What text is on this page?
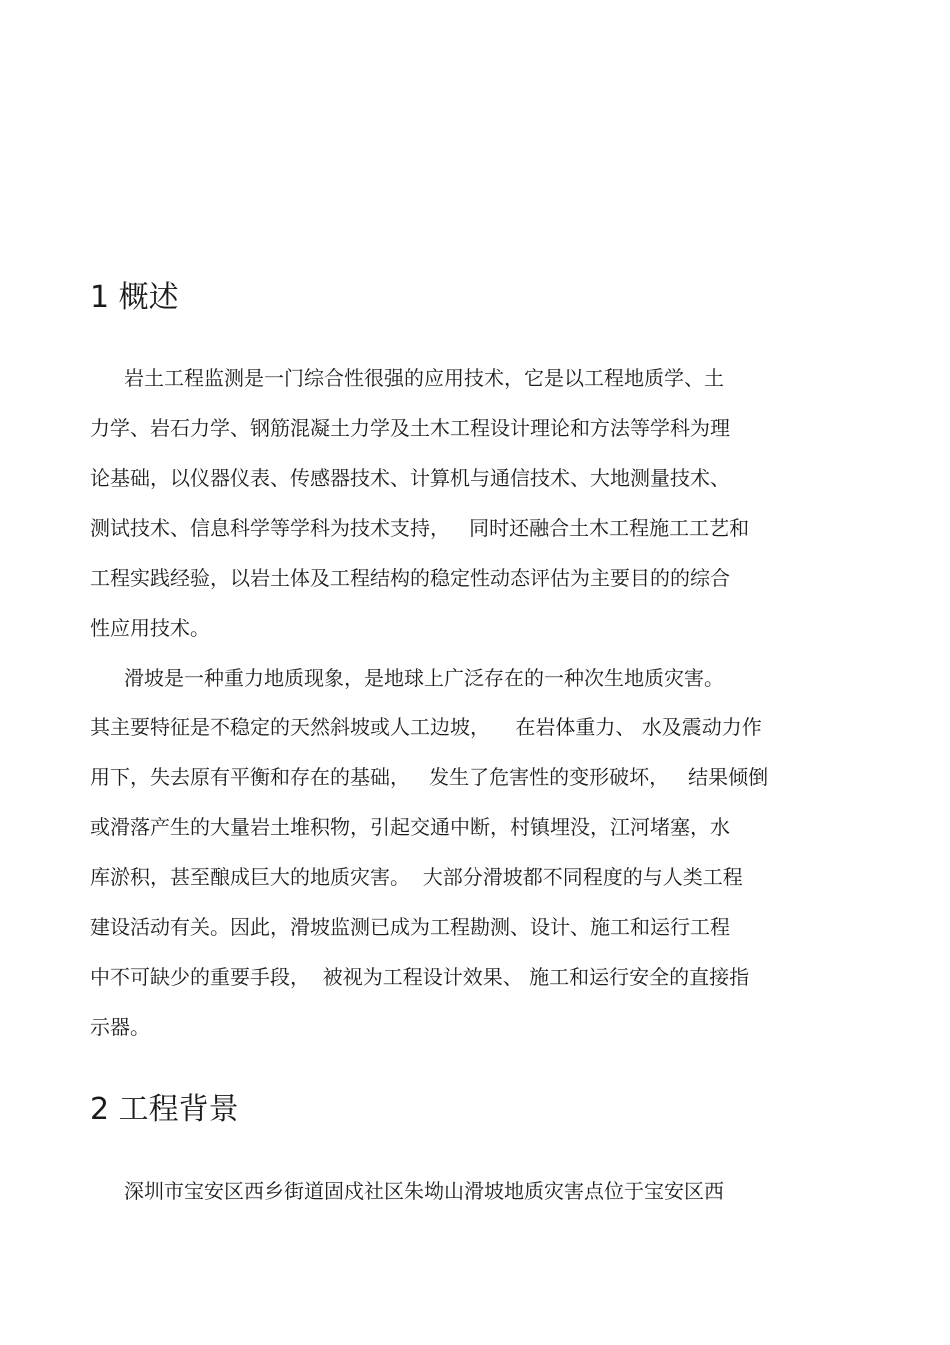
1 概述

岩土工程监测是一门综合性很强的应用技术，它是以工程地质学、土

力学、岩石力学、钢筋混凝土力学及土木工程设计理论和方法等学科为理

论基础，以仪器仪表、传感器技术、计算机与通信技术、大地测量技术、

测试技术、信息科学等学科为技术支持，   同时还融合土木工程施工工艺和

工程实践经验，以岩土体及工程结构的稳定性动态评估为主要目的的综合

性应用技术。

滑坡是一种重力地质现象，是地球上广泛存在的一种次生地质灾害。

其主要特征是不稳定的天然斜坡或人工边坡，    在岩体重力、 水及震动力作

用下，失去原有平衡和存在的基础，   发生了危害性的变形破坏，   结果倾倒

或滑落产生的大量岩土堆积物，引起交通中断，村镇埋没，江河堵塞，水

库淤积，甚至酿成巨大的地质灾害。  大部分滑坡都不同程度的与人类工程

建设活动有关。因此，滑坡监测已成为工程勘测、设计、施工和运行工程

中不可缺少的重要手段，  被视为工程设计效果、 施工和运行安全的直接指

示器。

2 工程背景

深圳市宝安区西乡街道固戍社区朱坳山滑坡地质灾害点位于宝安区西
